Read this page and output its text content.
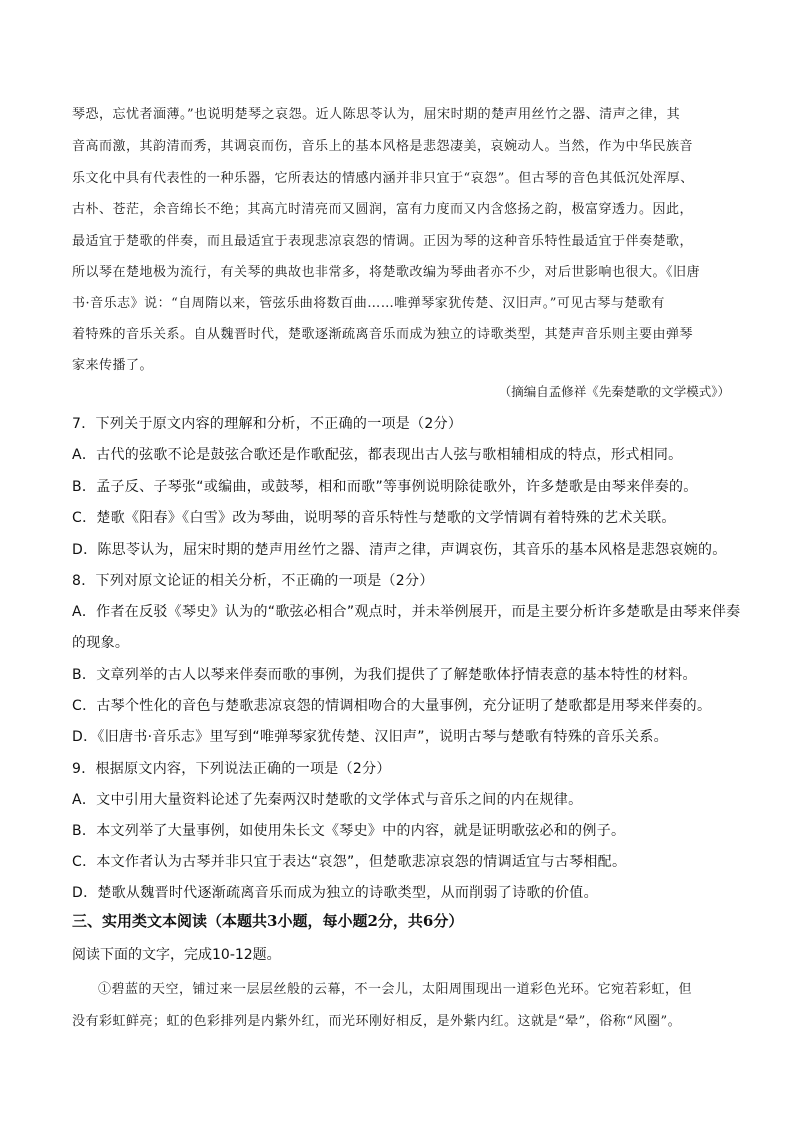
琴恐，忘忧者湎薄。”也说明楚琴之哀怨。近人陈思苓认为，屈宋时期的楚声用丝竹之器、清声之律，其
音高而激，其韵清而秀，其调哀而伤，音乐上的基本风格是悲怨凄美，哀婉动人。当然，作为中华民族音
乐文化中具有代表性的一种乐器，它所表达的情感内涵并非只宜于“哀怨”。但古琴的音色其低沉处浑厚、
古朴、苍茫，余音绵长不绝；其高亢时清亮而又圆润，富有力度而又内含悠扬之韵，极富穿透力。因此，
最适宜于楚歌的伴奏，而且最适宜于表现悲凉哀怨的情调。正因为琴的这种音乐特性最适宜于伴奏楚歌，
所以琴在楚地极为流行，有关琴的典故也非常多，将楚歌改编为琴曲者亦不少，对后世影响也很大。《旧唐
书·音乐志》说：“自周隋以来，管弦乐曲将数百曲……唯弹琴家犹传楚、汉旧声。”可见古琴与楚歌有
着特殊的音乐关系。自从魏晋时代，楚歌逐渐疏离音乐而成为独立的诗歌类型，其楚声音乐则主要由弹琴
家来传播了。
（摘编自孟修祥《先秦楚歌的文学模式》）
7．下列关于原文内容的理解和分析，不正确的一项是（2分）
A．古代的弦歌不论是鼓弦合歌还是作歌配弦，都表现出古人弦与歌相辅相成的特点，形式相同。
B．孟子反、子琴张“或编曲，或鼓琴，相和而歌”等事例说明除徒歌外，许多楚歌是由琴来伴奏的。
C．楚歌《阳春》《白雪》改为琴曲，说明琴的音乐特性与楚歌的文学情调有着特殊的艺术关联。
D．陈思苓认为，屈宋时期的楚声用丝竹之器、清声之律，声调哀伤，其音乐的基本风格是悲怨哀婉的。
8．下列对原文论证的相关分析，不正确的一项是（2分）
A．作者在反驳《琴史》认为的“歌弦必相合”观点时，并未举例展开，而是主要分析许多楚歌是由琴来伴奏
的现象。
B．文章列举的古人以琴来伴奏而歌的事例，为我们提供了了解楚歌体抒情表意的基本特性的材料。
C．古琴个性化的音色与楚歌悲凉哀怨的情调相吻合的大量事例，充分证明了楚歌都是用琴来伴奏的。
D．《旧唐书·音乐志》里写到“唯弹琴家犹传楚、汉旧声”，说明古琴与楚歌有特殊的音乐关系。
9．根据原文内容，下列说法正确的一项是（2分）
A．文中引用大量资料论述了先秦两汉时楚歌的文学体式与音乐之间的内在规律。
B．本文列举了大量事例，如使用朱长文《琴史》中的内容，就是证明歌弦必和的例子。
C．本文作者认为古琴并非只宜于表达“哀怨”，但楚歌悲凉哀怨的情调适宜与古琴相配。
D．楚歌从魏晋时代逐渐疏离音乐而成为独立的诗歌类型，从而削弱了诗歌的价值。
三、实用类文本阅读（本题共3小题，每小题2分，共6分）
阅读下面的文字，完成10-12题。
①碧蓝的天空，铺过来一层层丝般的云幕，不一会儿，太阳周围现出一道彩色光环。它宛若彩虹，但
没有彩虹鲜亮；虹的色彩排列是内紫外红，而光环刚好相反，是外紫内红。这就是“晕”，俗称“风圈”。
